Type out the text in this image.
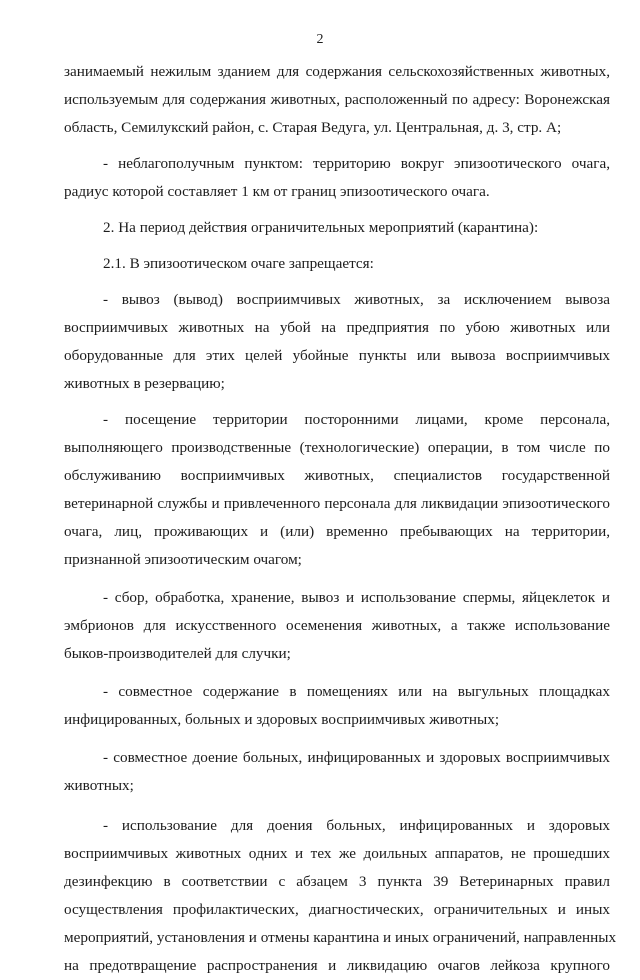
2
занимаемый нежилым зданием для содержания сельскохозяйственных животных,
используемым для содержания животных, расположенный по адресу: Воронежская
область, Семилукский район, с. Старая Ведуга, ул. Центральная, д. 3, стр. А;
- неблагополучным пунктом: территорию вокруг эпизоотического очага,
радиус которой составляет 1 км от границ эпизоотического очага.
2. На период действия ограничительных мероприятий (карантина):
2.1. В эпизоотическом очаге запрещается:
- вывоз (вывод) восприимчивых животных, за исключением вывоза
восприимчивых животных на убой на предприятия по убою животных или
оборудованные для этих целей убойные пункты или вывоза восприимчивых
животных в резервацию;
- посещение территории посторонними лицами, кроме персонала,
выполняющего производственные (технологические) операции, в том числе по
обслуживанию восприимчивых животных, специалистов государственной
ветеринарной службы и привлеченного персонала для ликвидации эпизоотического
очага, лиц, проживающих и (или) временно пребывающих на территории,
признанной эпизоотическим очагом;
- сбор, обработка, хранение, вывоз и использование спермы, яйцеклеток и
эмбрионов для искусственного осеменения животных, а также использование
быков-производителей для случки;
- совместное содержание в помещениях или на выгульных площадках
инфицированных, больных и здоровых восприимчивых животных;
- совместное доение больных, инфицированных и здоровых восприимчивых
животных;
- использование для доения больных, инфицированных и здоровых
восприимчивых животных одних и тех же доильных аппаратов, не прошедших
дезинфекцию в соответствии с абзацем 3 пункта 39 Ветеринарных правил
осуществления профилактических, диагностических, ограничительных и иных
мероприятий, установления и отмены карантина и иных ограничений, направленных
на предотвращение распространения и ликвидацию очагов лейкоза крупного
